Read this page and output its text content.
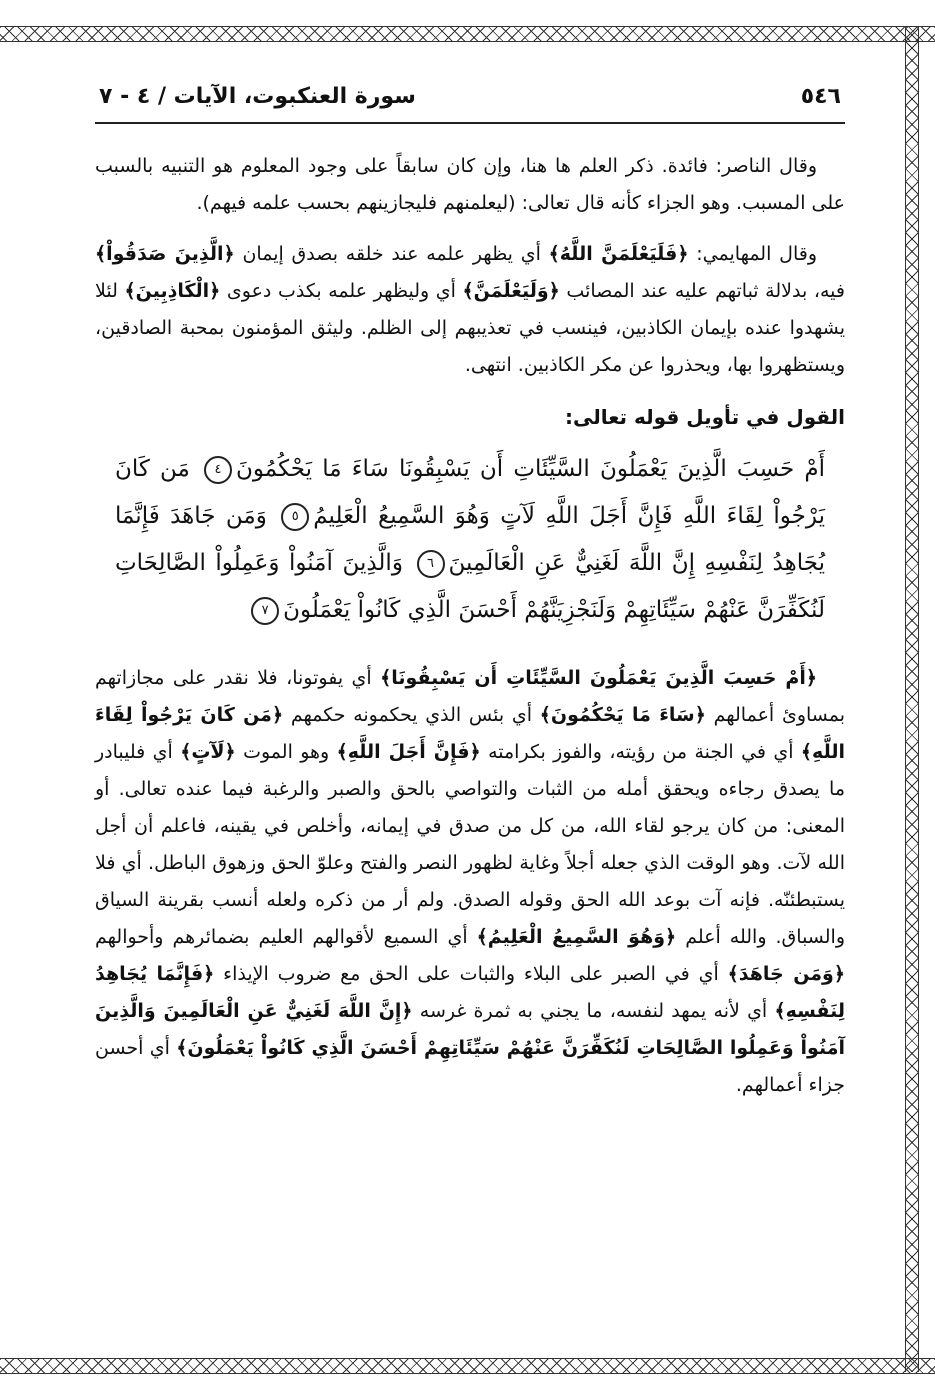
٥٤٦
سورة العنكبوت، الآيات / ٤ - ٧

وقال الناصر: فائدة. ذكر العلم ها هنا، وإن كان سابقاً على وجود المعلوم هو التنبيه بالسبب على المسبب. وهو الجزاء كأنه قال تعالى: (ليعلمنهم فليجازينهم بحسب علمه فيهم).

وقال المهايمي: ﴿فَلَيَعْلَمَنَّ اللَّهُ﴾ أي يظهر علمه عند خلقه بصدق إيمان ﴿الَّذِينَ صَدَقُواْ﴾ فيه، بدلالة ثباتهم عليه عند المصائب ﴿وَلَيَعْلَمَنَّ﴾ أي وليظهر علمه بكذب دعوى ﴿الْكَاذِبِينَ﴾ لئلا يشهدوا عنده بإيمان الكاذبين، فينسب في تعذيبهم إلى الظلم. وليثق المؤمنون بمحبة الصادقين، ويستظهروا بها، ويحذروا عن مكر الكاذبين. انتهى.

القول في تأويل قوله تعالى:
أَمْ حَسِبَ الَّذِينَ يَعْمَلُونَ السَّيِّئَاتِ أَن يَسْبِقُونَا سَاءَ مَا يَحْكُمُونَ٤ مَن كَانَ يَرْجُواْ لِقَاءَ اللَّهِ فَإِنَّ أَجَلَ اللَّهِ لَآتٍ وَهُوَ السَّمِيعُ الْعَلِيمُ٥ وَمَن جَاهَدَ فَإِنَّمَا يُجَاهِدُ لِنَفْسِهِ إِنَّ اللَّهَ لَغَنِيٌّ عَنِ الْعَالَمِينَ٦ وَالَّذِينَ آمَنُواْ وَعَمِلُواْ الصَّالِحَاتِ لَنُكَفِّرَنَّ عَنْهُمْ سَيِّئَاتِهِمْ وَلَنَجْزِيَنَّهُمْ أَحْسَنَ الَّذِي كَانُواْ يَعْمَلُونَ٧

﴿أَمْ حَسِبَ الَّذِينَ يَعْمَلُونَ السَّيِّئَاتِ أَن يَسْبِقُونَا﴾ أي يفوتونا، فلا نقدر على مجازاتهم بمساوئ أعمالهم ﴿سَاءَ مَا يَحْكُمُونَ﴾ أي بئس الذي يحكمونه حكمهم ﴿مَن كَانَ يَرْجُواْ لِقَاءَ اللَّهِ﴾ أي في الجنة من رؤيته، والفوز بكرامته ﴿فَإِنَّ أَجَلَ اللَّهِ﴾ وهو الموت ﴿لَآتٍ﴾ أي فليبادر ما يصدق رجاءه ويحقق أمله من الثبات والتواصي بالحق والصبر والرغبة فيما عنده تعالى. أو المعنى: من كان يرجو لقاء الله، من كل من صدق في إيمانه، وأخلص في يقينه، فاعلم أن أجل الله لآت. وهو الوقت الذي جعله أجلاً وغاية لظهور النصر والفتح وعلوّ الحق وزهوق الباطل. أي فلا يستبطئنّه. فإنه آت بوعد الله الحق وقوله الصدق. ولم أر من ذكره ولعله أنسب بقرينة السياق والسباق. والله أعلم ﴿وَهُوَ السَّمِيعُ الْعَلِيمُ﴾ أي السميع لأقوالهم العليم بضمائرهم وأحوالهم ﴿وَمَن جَاهَدَ﴾ أي في الصبر على البلاء والثبات على الحق مع ضروب الإيذاء ﴿فَإِنَّمَا يُجَاهِدُ لِنَفْسِهِ﴾ أي لأنه يمهد لنفسه، ما يجني به ثمرة غرسه ﴿إِنَّ اللَّهَ لَغَنِيٌّ عَنِ الْعَالَمِينَ وَالَّذِينَ آمَنُواْ وَعَمِلُوا الصَّالِحَاتِ لَنُكَفِّرَنَّ عَنْهُمْ سَيِّئَاتِهِمْ أَحْسَنَ الَّذِي كَانُواْ يَعْمَلُونَ﴾ أي أحسن جزاء أعمالهم.
